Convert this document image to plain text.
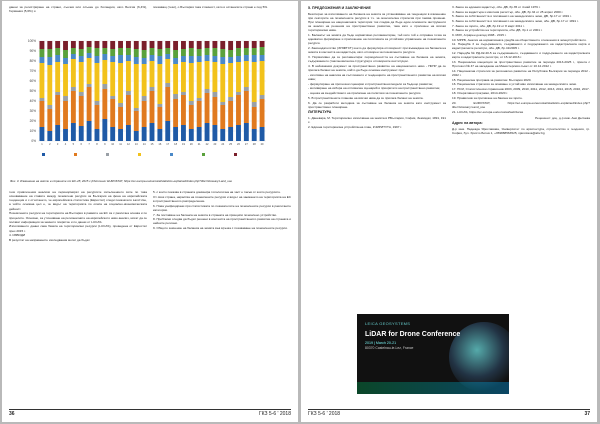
данни за регистриране на страни, сънчев или слънен до Холандия, като Белгия (6,4%), Германия (5,6%) и

показващ (тези), о България така стомност, като и останалите страни е под 5%.

0%
10%
20%
30%
40%
50%
60%
70%
80%
90%
100%
1 2 3 4 5 6 7 8 9 10 11 12 13 14 15 16 17 18 19 20 21 22 23 24 25 26 27 28 29
Фиг. 3. Изменение на имоти в страните от ЕС-28, 2015 г (Източник: EUROSTAT, https://ec.europa.eu/eurostat/statistics-explained/index.php?title=Glossary:Land_use

тези привлечения анализи на леринормират на ресурсите изпълнението вите по това основавание на ставите между поземлени ресурси за България на фона на европейската тенденция и с отчитането, че европейската статистика (Евростат) следи показателя Land Use, а чийто основна цел е, че видът на територията по описа на социално-икономическата дейност.

Поземлените ресурси на територията на България в рамките на ЕС са с различна основа и по процесите. Основно, за уточняване на регионалните на европейското ниво анализ, могат да се ползват информация за земното покритие и по данни от LUCAS.

Използването данни сака базата на териториални ресурси (LUCAS), проведена от Евростат през 2015 г.

4. ИЗВОДИ

В резултат на направените изследвания могат да бъдат

5. с които показва в страната доминира топологична на част е такъв от които ресурсите.

От своя страна, нараства на поземлените ресурси и видът на заемането на територията на ЕС в пространственото разпределение.

6. Нова унифицирани при статистиката по показателите на поземлените ресурси в различните категории.

7. За поставяне на баланса на земята в страната на принципи поземлено устройство.

8. Проблеми следва да бъдат решени в контекста на пространственото развитие на страната и нейните региони.

9. Общото значение на баланса на земята във връзка с позоваване на поземлените ресурси.

36	ГКЗ 5-6 ' 2018
5. ПРЕДЛОЖЕНИЯ И ЗАКЛЮЧЕНИЕ

Безспорно за използването на баланса на земята за установяване на тенденции в изменение при секторите на поземлените ресурси в т.ч. за окончателна стратегия при такива промени. При планиране на националната територия тоя следва да бъде един основните инструменти за анализ на решения на пространствено развитие, така като е приложен на всички териториални нива.

1. Балансът на земята да бъде нормативно регламентиран, тъй като той е отправна точка за адекватно формиране и приложение на политиката за устойчиво управление на поземлените ресурси.

2. Законодателство (ЗУЗФТСТ) което да формулира отговорност при въвеждане на баланса на земята в контекста на кадастъра, като отговорен за поземлените ресурси.

3. Нормативно да се регламентира: периодичността на съставяне на баланса на земята, съдържанието (таксономическа структура) и отговорните институции.

4. В най-важния документ за пространствено развитие на националното ниво - НКПР да се прилага баланс на земята, който да бъде основен инструмент при:

- изготвяне на анализа на състоянието и тенденциите на пространственото развитие на всички нива;

- формулиране на прогнозни сценарии и пространствени модели за бъдещо развитие;

- мотивиране на избора на оптимален сценарий и приоритети на пространствено развитие;

- оценка на въздействието на прилагане на политики за поземлените ресурси.

5. В пространствените планове на всички нива да се прилага баланс на земята.

6. Да се разработи методика за съставяне на баланса на земята като инструмент за пространствено планиране.

ЛИТЕРАТУРА

1. Даневара, М. Териториално използване на земята в РБългария, София, Земиздат, 1991, 191 с.

2. Единна териториална устройствена план, КЧИРИТУТА, 1997 г.

3. Закон за единния кадастър, обн. ДВ, бр.35 от 4 май 1979 г.

4. Закон за кадастъра и имотния регистър, обн. ДВ, бр.34 от 25 април 2000 г.

5. Закон за собствеността и ползването на земеделските земи, ДВ, бр.17 от 1991 г.

6. Закон за собствеността и ползването на земеделските земи, обн. ДВ, бр.17 от 1991 г.

7. Закон за горите, обн. ДВ, бр.19 от 8 март 2011 г.

8. Закон за устройство на територията, обн. ДВ, бр.1 от 2001 г.

9. МЗХ, Аграрен доклад 1998 - 2015 г.

10. МРРБ, Анализ на нормативната уредба на обществените отношения в земеустройството.

11. Наредба 3 за съдържанието, създаването и поддържането на кадастралната карта и кадастралните регистри, обн. ДВ, бр.41/2005 г.

12. Наредба № РД-02-20-5 за съдържанието, създаването и поддържането на кадастралната карта и кадастралните регистри, от 15.12.2016 г.

13. Национална концепция за пространствено развитие за периода 2013-2025 г., приета с Протокол № 47 на заседание на Министерския съвет от 10.12.2012 г.

14. Национална стратегия за регионално развитие на Република България за периода 2012 - 2022 г.

15. Национална програма за развитие: България 2020.

16. Национална стратегия за опазване и устойчиво използване на земеделските земи.

17. НСИ, Статистически справочник 2003, 2009, 2010, 2011, 2012, 2013, 2014, 2015, 2016, 2017.

18. Оперативни програми, 2014-2020 г.

19. Правилник за прилагане на Закона за горите.

20. EUROSTAT, https://ec.europa.eu/eurostat/statistics-explained/index.php?title=Glossary:Land_use

21. LUCAS, https://ec.europa.eu/eurostat/web/lucas

Рецензент: доц. д-р инж. Ани Делчева

Адрес на автора:

Д-р инж. Надежда Ярославова, Университет по архитектура, строителство и геодезия, гр. София, бул. Христо Ботев 1, +359888563525, njaroslava@abv.bg

LEICA GEOSYSTEMS
LiDAR for Drone Conference
2019 | March 20-21
80370 Castelnau-le-Lez, France
ГКЗ 5-6 ' 2018	37
